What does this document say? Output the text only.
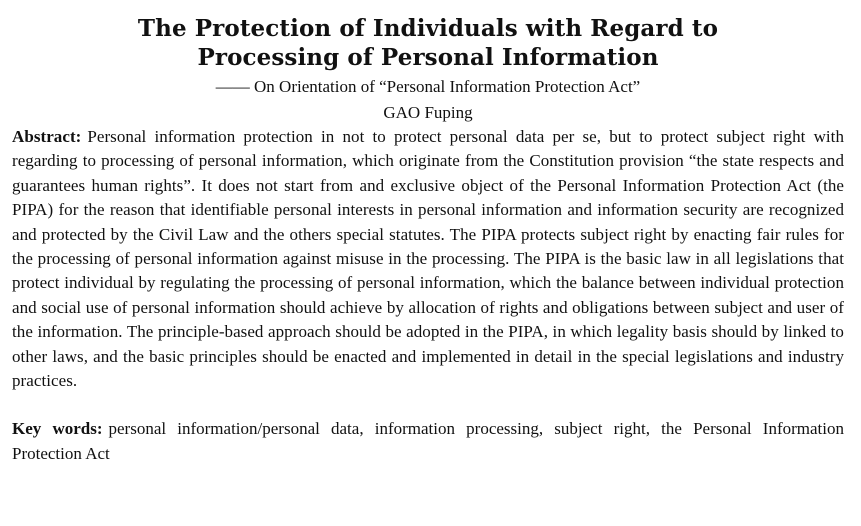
The Protection of Individuals with Regard to
Processing of Personal Information
—— On Orientation of “Personal Information Protection Act”
GAO Fuping

Abstract: Personal information protection in not to protect personal data per se, but to protect subject right with regarding to processing of personal information, which originate from the Constitution provision “the state respects and guarantees human rights”. It does not start from and exclusive object of the Personal Information Protection Act (the PIPA) for the reason that identifiable personal interests in personal information and information security are recognized and protected by the Civil Law and the others special statutes. The PIPA protects subject right by enacting fair rules for the processing of personal information against misuse in the processing. The PIPA is the basic law in all legislations that protect individual by regulating the processing of personal information, which the balance between individual protection and social use of personal information should achieve by allocation of rights and obligations between subject and user of the information. The principle-based approach should be adopted in the PIPA, in which legality basis should by linked to other laws, and the basic principles should be enacted and implemented in detail in the special legislations and industry practices.

Key words: personal information/personal data, information processing, subject right, the Personal Information Protection Act
